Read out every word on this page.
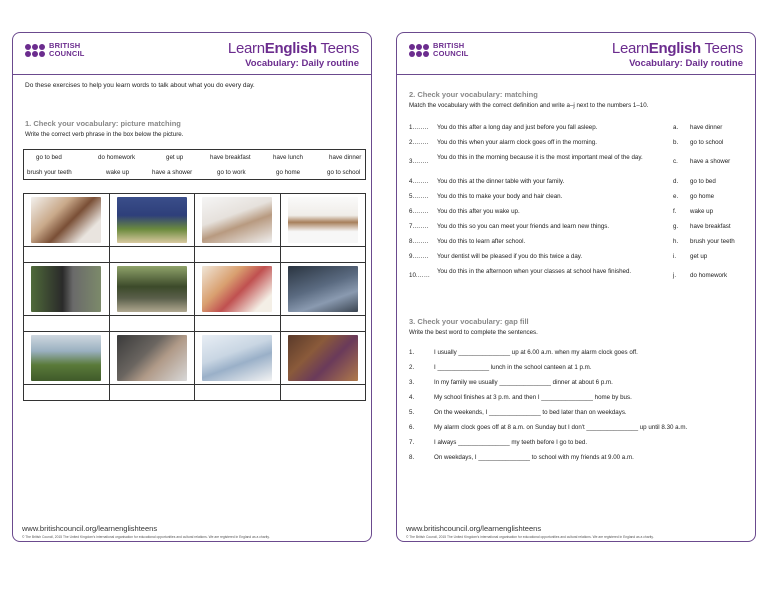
BRITISH
COUNCIL	LearnEnglish Teens
Vocabulary: Daily routine
Do these exercises to help you learn words to talk about what you do every day.
1. Check your vocabulary: picture matching
Write the correct verb phrase in the box below the picture.
go to bed	do homework	get up	have breakfast	have lunch	have dinner
brush your teeth	wake up	have a shower	go to work	go home	go to school
www.britishcouncil.org/learnenglishteens
© The British Council, 2015 The United Kingdom's international organisation for educational opportunities and cultural relations. We are registered in England as a charity.
BRITISH
COUNCIL	LearnEnglish Teens
Vocabulary: Daily routine
2. Check your vocabulary: matching
Match the vocabulary with the correct definition and write a–j next to the numbers 1–10.
1.……. You do this after a long day and just before you fall asleep.	a. have dinner
2.……. You do this when your alarm clock goes off in the morning.	b. go to school
3.…….
You do this in the morning because it is the most important meal of the day.
c. have a shower
4.……. You do this at the dinner table with your family.	d. go to bed
5.……. You do this to make your body and hair clean.	e. go home
6.……. You do this after you wake up.	f. wake up
7.……. You do this so you can meet your friends and learn new things.	g. have breakfast
8.……. You do this to learn after school.	h. brush your teeth
9.……. Your dentist will be pleased if you do this twice a day.	i. get up
10.……
You do this in the afternoon when your classes at school have finished.
j. do homework
3. Check your vocabulary: gap fill
Write the best word to complete the sentences.
1.	I usually _______________ up at 6.00 a.m. when my alarm clock goes off.
2.	I _______________ lunch in the school canteen at 1 p.m.
3.	In my family we usually _______________ dinner at about 6 p.m.
4.	My school finishes at 3 p.m. and then I _______________ home by bus.
5.	On the weekends, I _______________ to bed later than on weekdays.
6.	My alarm clock goes off at 8 a.m. on Sunday but I don't _______________ up until 8.30 a.m.
7.	I always _______________ my teeth before I go to bed.
8.	On weekdays, I _______________ to school with my friends at 9.00 a.m.
www.britishcouncil.org/learnenglishteens
© The British Council, 2015 The United Kingdom's international organisation for educational opportunities and cultural relations. We are registered in England as a charity.
